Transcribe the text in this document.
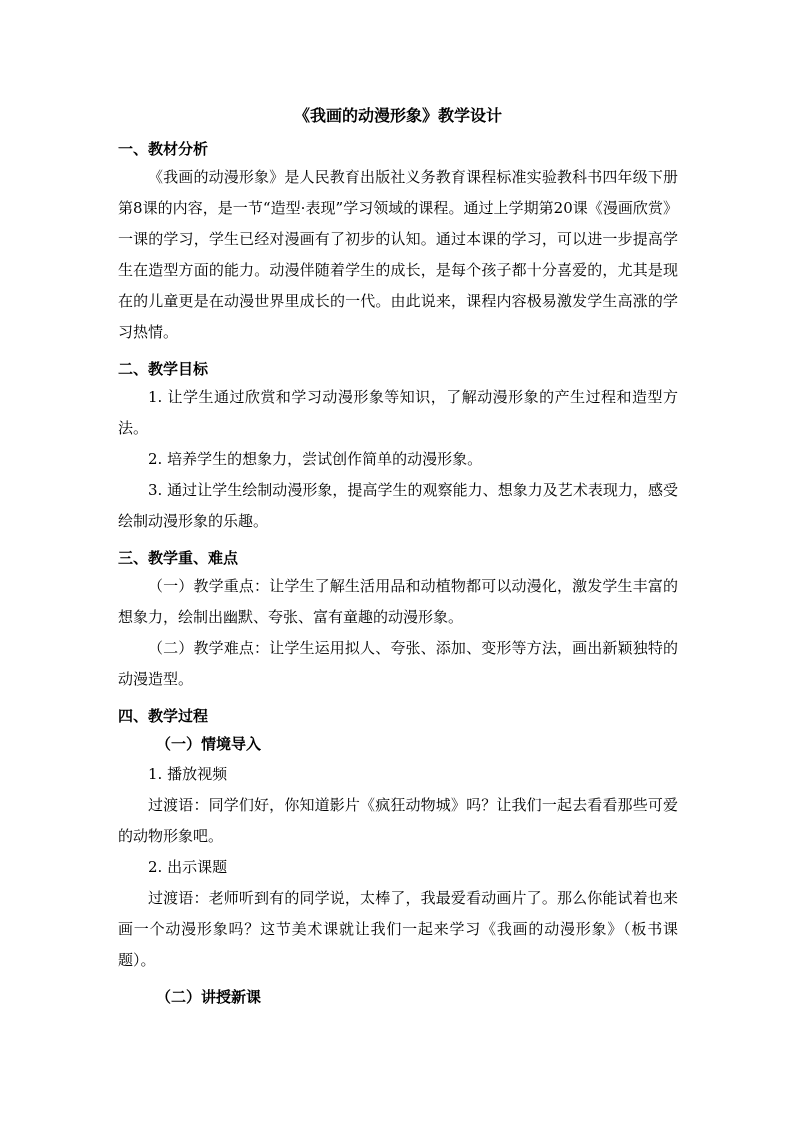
《我画的动漫形象》教学设计
一、教材分析

《我画的动漫形象》是人民教育出版社义务教育课程标准实验教科书四年级下册第8课的内容，是一节“造型·表现”学习领域的课程。通过上学期第20课《漫画欣赏》一课的学习，学生已经对漫画有了初步的认知。通过本课的学习，可以进一步提高学生在造型方面的能力。动漫伴随着学生的成长，是每个孩子都十分喜爱的，尤其是现在的儿童更是在动漫世界里成长的一代。由此说来，课程内容极易激发学生高涨的学习热情。

二、教学目标

1. 让学生通过欣赏和学习动漫形象等知识，了解动漫形象的产生过程和造型方法。

2. 培养学生的想象力，尝试创作简单的动漫形象。

3. 通过让学生绘制动漫形象，提高学生的观察能力、想象力及艺术表现力，感受绘制动漫形象的乐趣。

三、教学重、难点

（一）教学重点：让学生了解生活用品和动植物都可以动漫化，激发学生丰富的想象力，绘制出幽默、夸张、富有童趣的动漫形象。

（二）教学难点：让学生运用拟人、夸张、添加、变形等方法，画出新颖独特的动漫造型。

四、教学过程
（一）情境导入

1. 播放视频

过渡语：同学们好，你知道影片《疯狂动物城》吗？让我们一起去看看那些可爱的动物形象吧。

2. 出示课题

过渡语：老师听到有的同学说，太棒了，我最爱看动画片了。那么你能试着也来画一个动漫形象吗？这节美术课就让我们一起来学习《我画的动漫形象》（板书课题）。

（二）讲授新课
